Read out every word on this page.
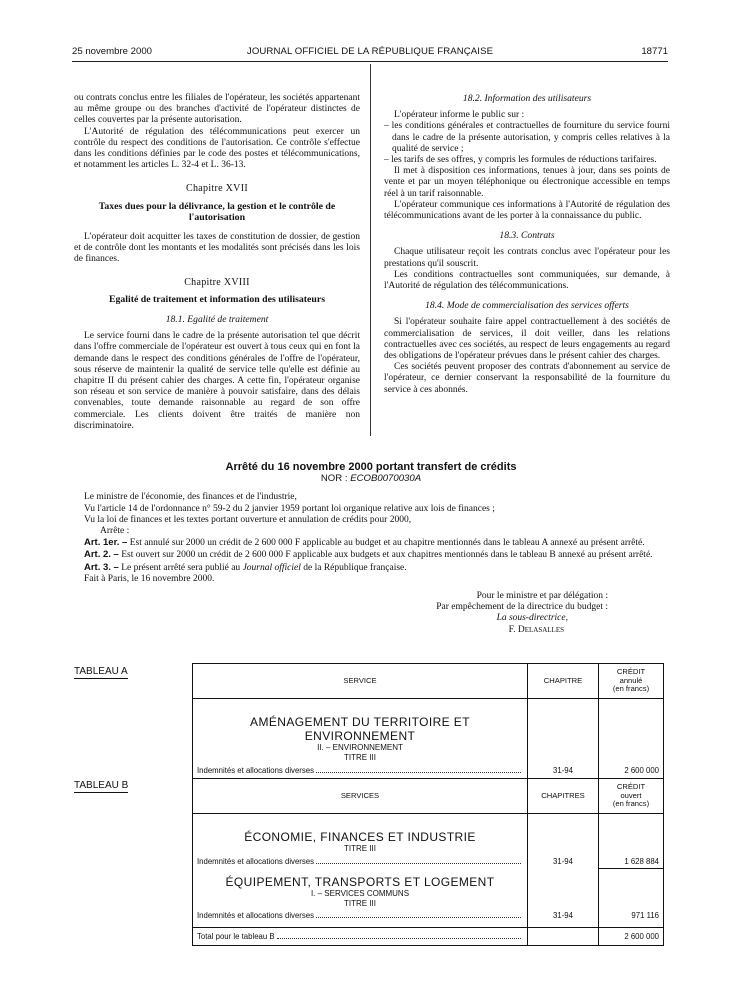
25 novembre 2000	JOURNAL OFFICIEL DE LA RÉPUBLIQUE FRANÇAISE	18771

ou contrats conclus entre les filiales de l'opérateur, les sociétés appartenant au même groupe ou des branches d'activité de l'opérateur distinctes de celles couvertes par la présente autorisation.

L'Autorité de régulation des télécommunications peut exercer un contrôle du respect des conditions de l'autorisation. Ce contrôle s'effectue dans les conditions définies par le code des postes et télécommunications, et notamment les articles L. 32-4 et L. 36-13.

Chapitre XVII
Taxes dues pour la délivrance, la gestion et le contrôle de l'autorisation

L'opérateur doit acquitter les taxes de constitution de dossier, de gestion et de contrôle dont les montants et les modalités sont précisés dans les lois de finances.

Chapitre XVIII
Egalité de traitement et information des utilisateurs
18.1. Egalité de traitement

Le service fourni dans le cadre de la présente autorisation tel que décrit dans l'offre commerciale de l'opérateur est ouvert à tous ceux qui en font la demande dans le respect des conditions générales de l'offre de l'opérateur, sous réserve de maintenir la qualité de service telle qu'elle est définie au chapitre II du présent cahier des charges. A cette fin, l'opérateur organise son réseau et son service de manière à pouvoir satisfaire, dans des délais convenables, toute demande raisonnable au regard de son offre commerciale. Les clients doivent être traités de manière non discriminatoire.

18.2. Information des utilisateurs

L'opérateur informe le public sur :

– les conditions générales et contractuelles de fourniture du service fourni dans le cadre de la présente autorisation, y compris celles relatives à la qualité de service ;

– les tarifs de ses offres, y compris les formules de réductions tarifaires.

Il met à disposition ces informations, tenues à jour, dans ses points de vente et par un moyen téléphonique ou électronique accessible en temps réel à un tarif raisonnable.

L'opérateur communique ces informations à l'Autorité de régulation des télécommunications avant de les porter à la connaissance du public.

18.3. Contrats

Chaque utilisateur reçoit les contrats conclus avec l'opérateur pour les prestations qu'il souscrit.

Les conditions contractuelles sont communiquées, sur demande, à l'Autorité de régulation des télécommunications.

18.4. Mode de commercialisation des services offerts

Si l'opérateur souhaite faire appel contractuellement à des sociétés de commercialisation de services, il doit veiller, dans les relations contractuelles avec ces sociétés, au respect de leurs engagements au regard des obligations de l'opérateur prévues dans le présent cahier des charges.

Ces sociétés peuvent proposer des contrats d'abonnement au service de l'opérateur, ce dernier conservant la responsabilité de la fourniture du service à ces abonnés.

Arrêté du 16 novembre 2000 portant transfert de crédits
NOR : ECOB0070030A

Le ministre de l'économie, des finances et de l'industrie,

Vu l'article 14 de l'ordonnance n° 59-2 du 2 janvier 1959 portant loi organique relative aux lois de finances ;

Vu la loi de finances et les textes portant ouverture et annulation de crédits pour 2000,

Arrête :

Art. 1er. – Est annulé sur 2000 un crédit de 2 600 000 F applicable au budget et au chapitre mentionnés dans le tableau A annexé au présent arrêté.

Art. 2. – Est ouvert sur 2000 un crédit de 2 600 000 F applicable aux budgets et aux chapitres mentionnés dans le tableau B annexé au présent arrêté.

Art. 3. – Le présent arrêté sera publié au Journal officiel de la République française.

Fait à Paris, le 16 novembre 2000.

Pour le ministre et par délégation :
Par empêchement de la directrice du budget :
La sous-directrice,
F. Delasalles
TABLEAU A
SERVICE	CHAPITRE	CRÉDIT
annulé
(en francs)

AMÉNAGEMENT DU TERRITOIRE ET ENVIRONNEMENT
II. – ENVIRONNEMENT
TITRE III		

Indemnités et allocations diverses	31-94	2 600 000
TABLEAU B
SERVICES	CHAPITRES	CRÉDIT
ouvert
(en francs)

ÉCONOMIE, FINANCES ET INDUSTRIE
TITRE III		

Indemnités et allocations diverses	31-94	1 628 884

ÉQUIPEMENT, TRANSPORTS ET LOGEMENT
I. – SERVICES COMMUNS
TITRE III		

Indemnités et allocations diverses	31-94	971 116

Total pour le tableau B		2 600 000
